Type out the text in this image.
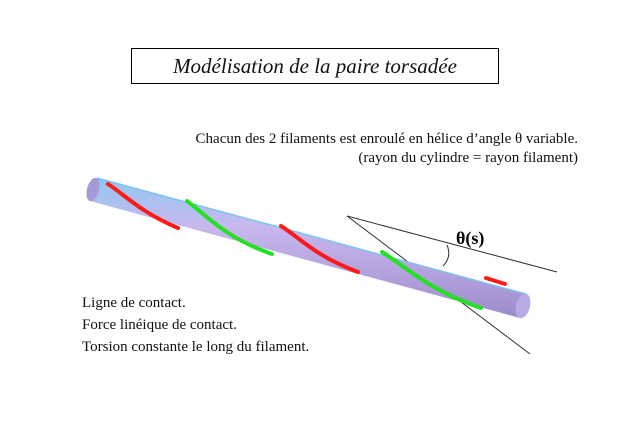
Modélisation de la paire torsadée
Chacun des 2 filaments est enroulé en hélice d’angle θ variable.
(rayon du cylindre = rayon filament)
θ(s)
Ligne de contact.
Force linéique de contact.
Torsion constante le long du filament.
